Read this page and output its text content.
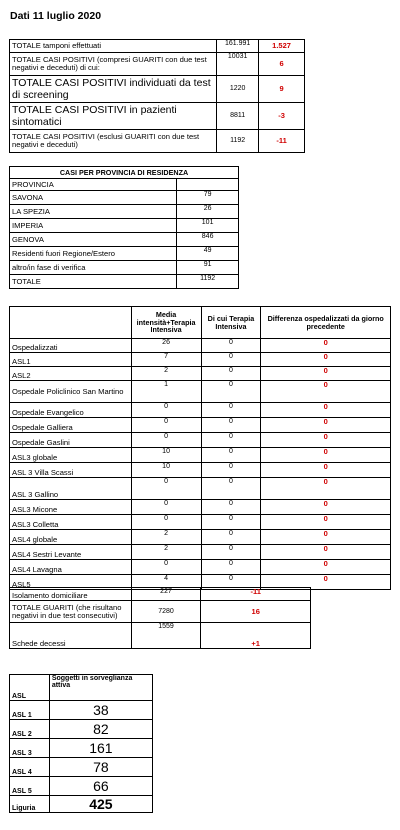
Dati 11 luglio 2020
TOTALE tamponi effettuati	161.991	1.527
TOTALE CASI POSITIVI (compresi GUARITI con due test negativi e deceduti) di cui:	10031	6
TOTALE CASI POSITIVI individuati da test di screening	1220	9
TOTALE CASI POSITIVI in pazienti sintomatici	8811	-3
TOTALE CASI POSITIVI (esclusi GUARITI con due test negativi e deceduti)	1192	-11
CASI PER PROVINCIA DI RESIDENZA	
PROVINCIA	
SAVONA	79
LA SPEZIA	26
IMPERIA	101
GENOVA	846
Residenti fuori Regione/Estero	49
altro/in fase di verifica	91
TOTALE	1192
	Media intensità+Terapia Intensiva	Di cui Terapia Intensiva	Differenza ospedalizzati da giorno precedente
Ospedalizzati	26	0	0
ASL1	7	0	0
ASL2	2	0	0
Ospedale Policlinico San Martino	1	0	0
Ospedale Evangelico	0	0	0
Ospedale Galliera	0	0	0
Ospedale Gaslini	0	0	0
ASL3 globale	10	0	0
ASL 3 Villa Scassi	10	0	0
ASL 3 Gallino	0	0	0
ASL3 Micone	0	0	0
ASL3 Colletta	0	0	0
ASL4 globale	2	0	0
ASL4 Sestri Levante	2	0	0
ASL4 Lavagna	0	0	0
ASL5	4	0	0
Isolamento domiciliare	227	-11
TOTALE GUARITI (che risultano negativi in due test consecutivi)	7280	16
Schede decessi	1559	+1
ASL	Soggetti in sorveglianza attiva
ASL 1	38
ASL 2	82
ASL 3	161
ASL 4	78
ASL 5	66
Liguria	425
